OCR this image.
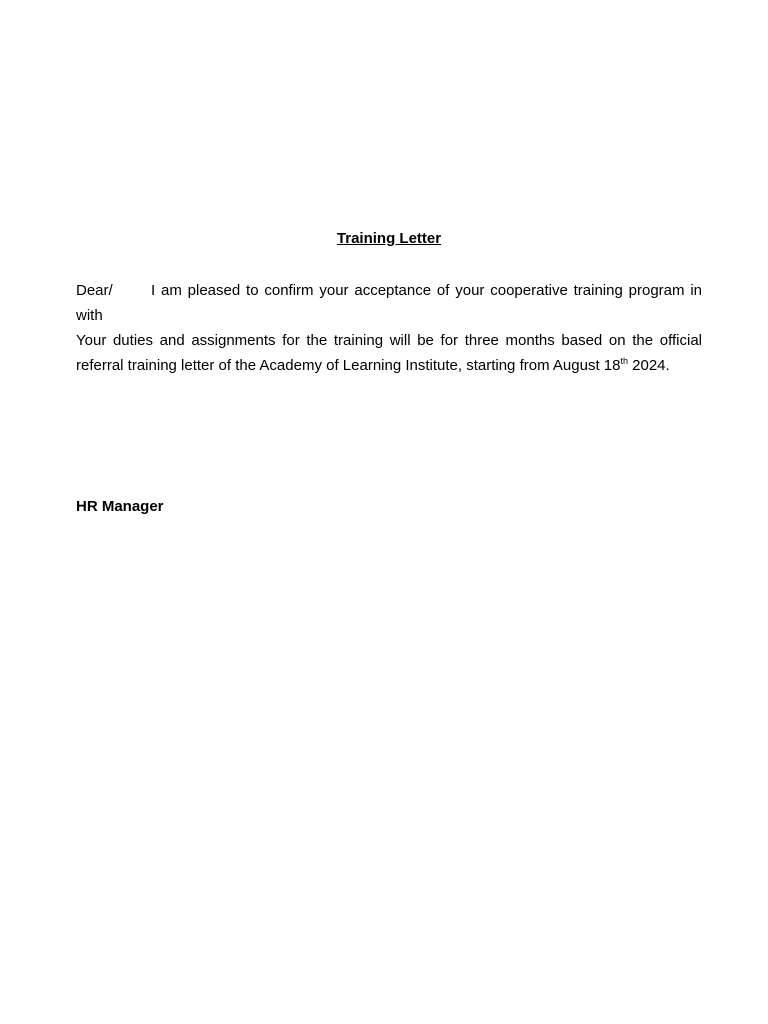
Training Letter
Dear/	I am pleased to confirm your acceptance of your cooperative training program in
with
Your duties and assignments for the training will be for three months based on the official
referral training letter of the Academy of Learning Institute, starting from August 18th 2024.
HR Manager
